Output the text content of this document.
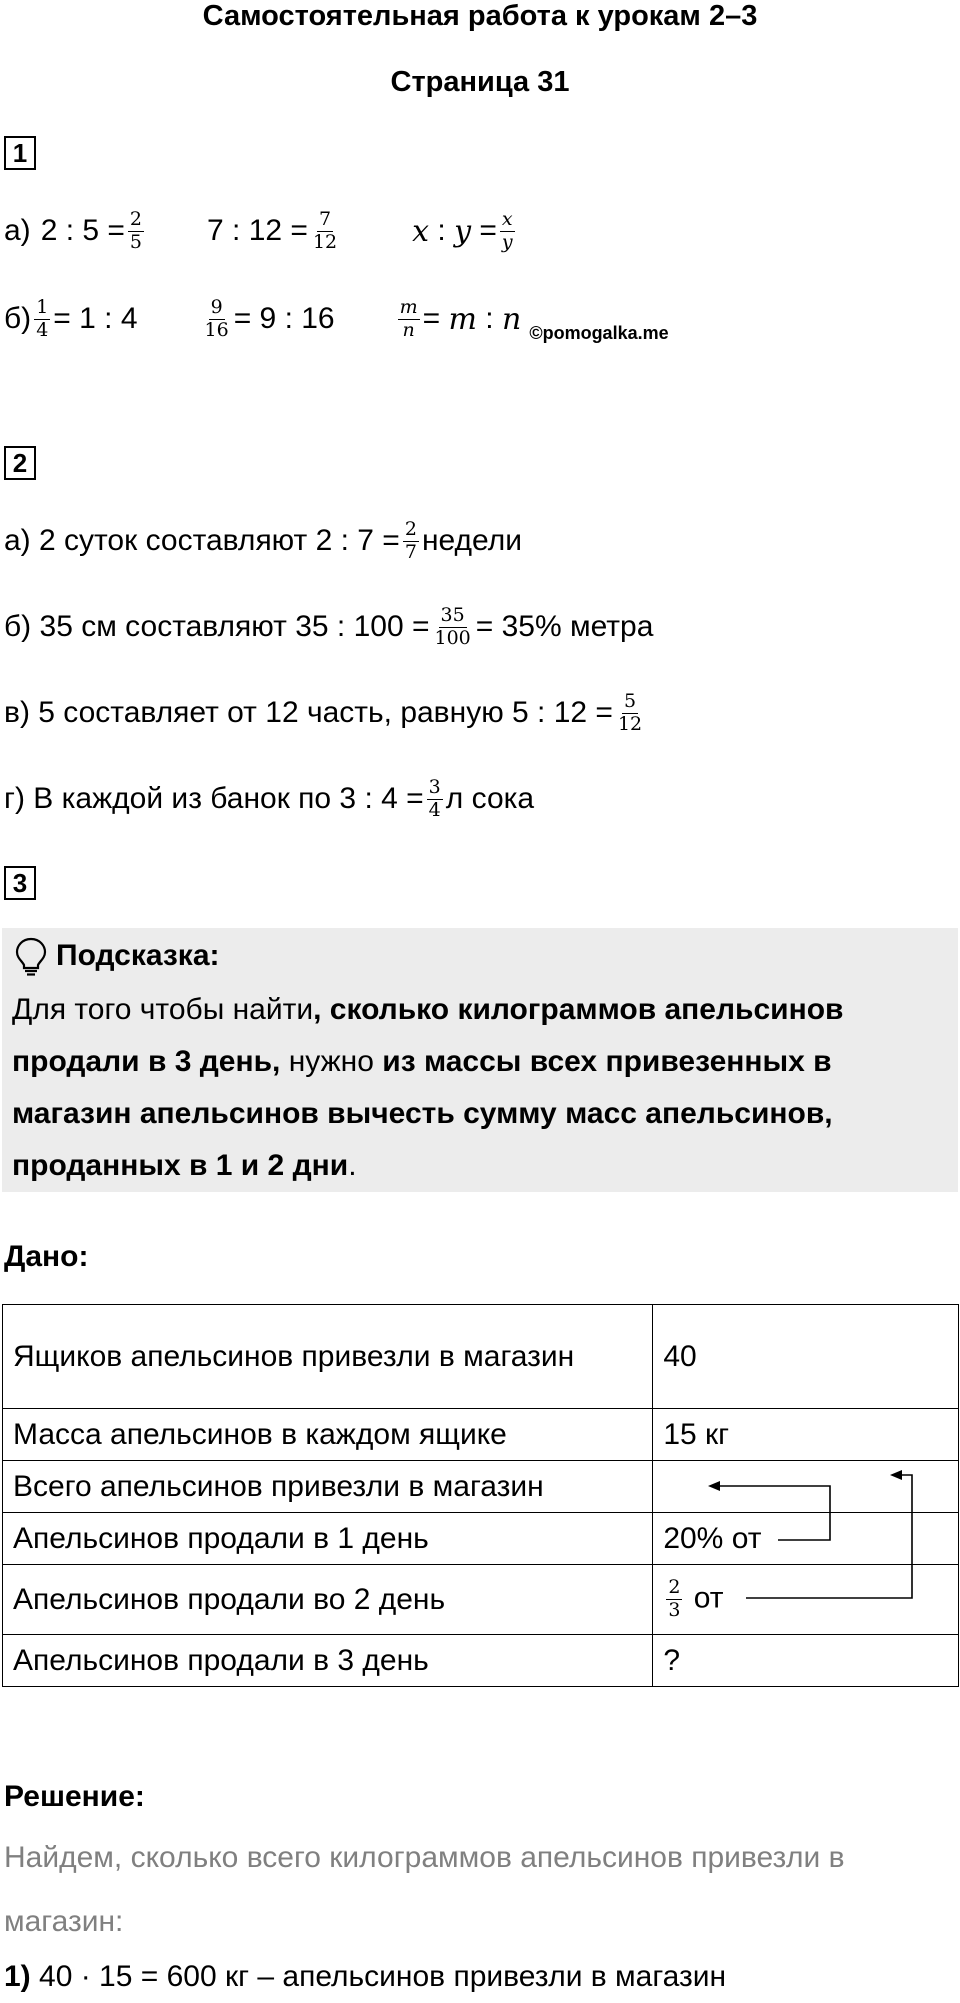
Самостоятельная работа к урокам 2–3
Страница 31
1
а) 2 : $5 = \frac{2}{5} 7$ : $12 = \frac{7}{12}$ x : $y = \frac{x}{y}$
$б) \frac{1}{4} = 1$ : 4	$\frac{9}{16} = 9$ : 16	$\frac{m}{n} = m$ : n ©pomogalka.me
2
а) 2 суток составляют 2 : $7 = \frac{2}{7}$ недели
б) 35 см составляют 35 : $100 = \frac{35}{100} = 35\%$ метра
в) 5 составляет от 12 часть, равную 5 : $12 = \frac{5}{12}$
г) В каждой из банок по 3 : $4 = \frac{3}{4}$ л сока
3
Подсказка:
Для того чтобы найти, сколько килограммов апельсинов продали в 3 день, нужно из массы всех привезенных в магазин апельсинов вычесть сумму масс апельсинов, проданных в 1 и 2 дни.
Дано:
Ящиков апельсинов привезли в магазин	40
Масса апельсинов в каждом ящике	15 кг
Всего апельсинов привезли в магазин	
Апельсинов продали в 1 день	20% от
Апельсинов продали во 2 день	$\frac{2}{3}$ от
Апельсинов продали в 3 день	?
Решение:
Найдем, сколько всего килограммов апельсинов привезли в магазин:
1) 40 · 15 = 600 кг – апельсинов привезли в магазин
